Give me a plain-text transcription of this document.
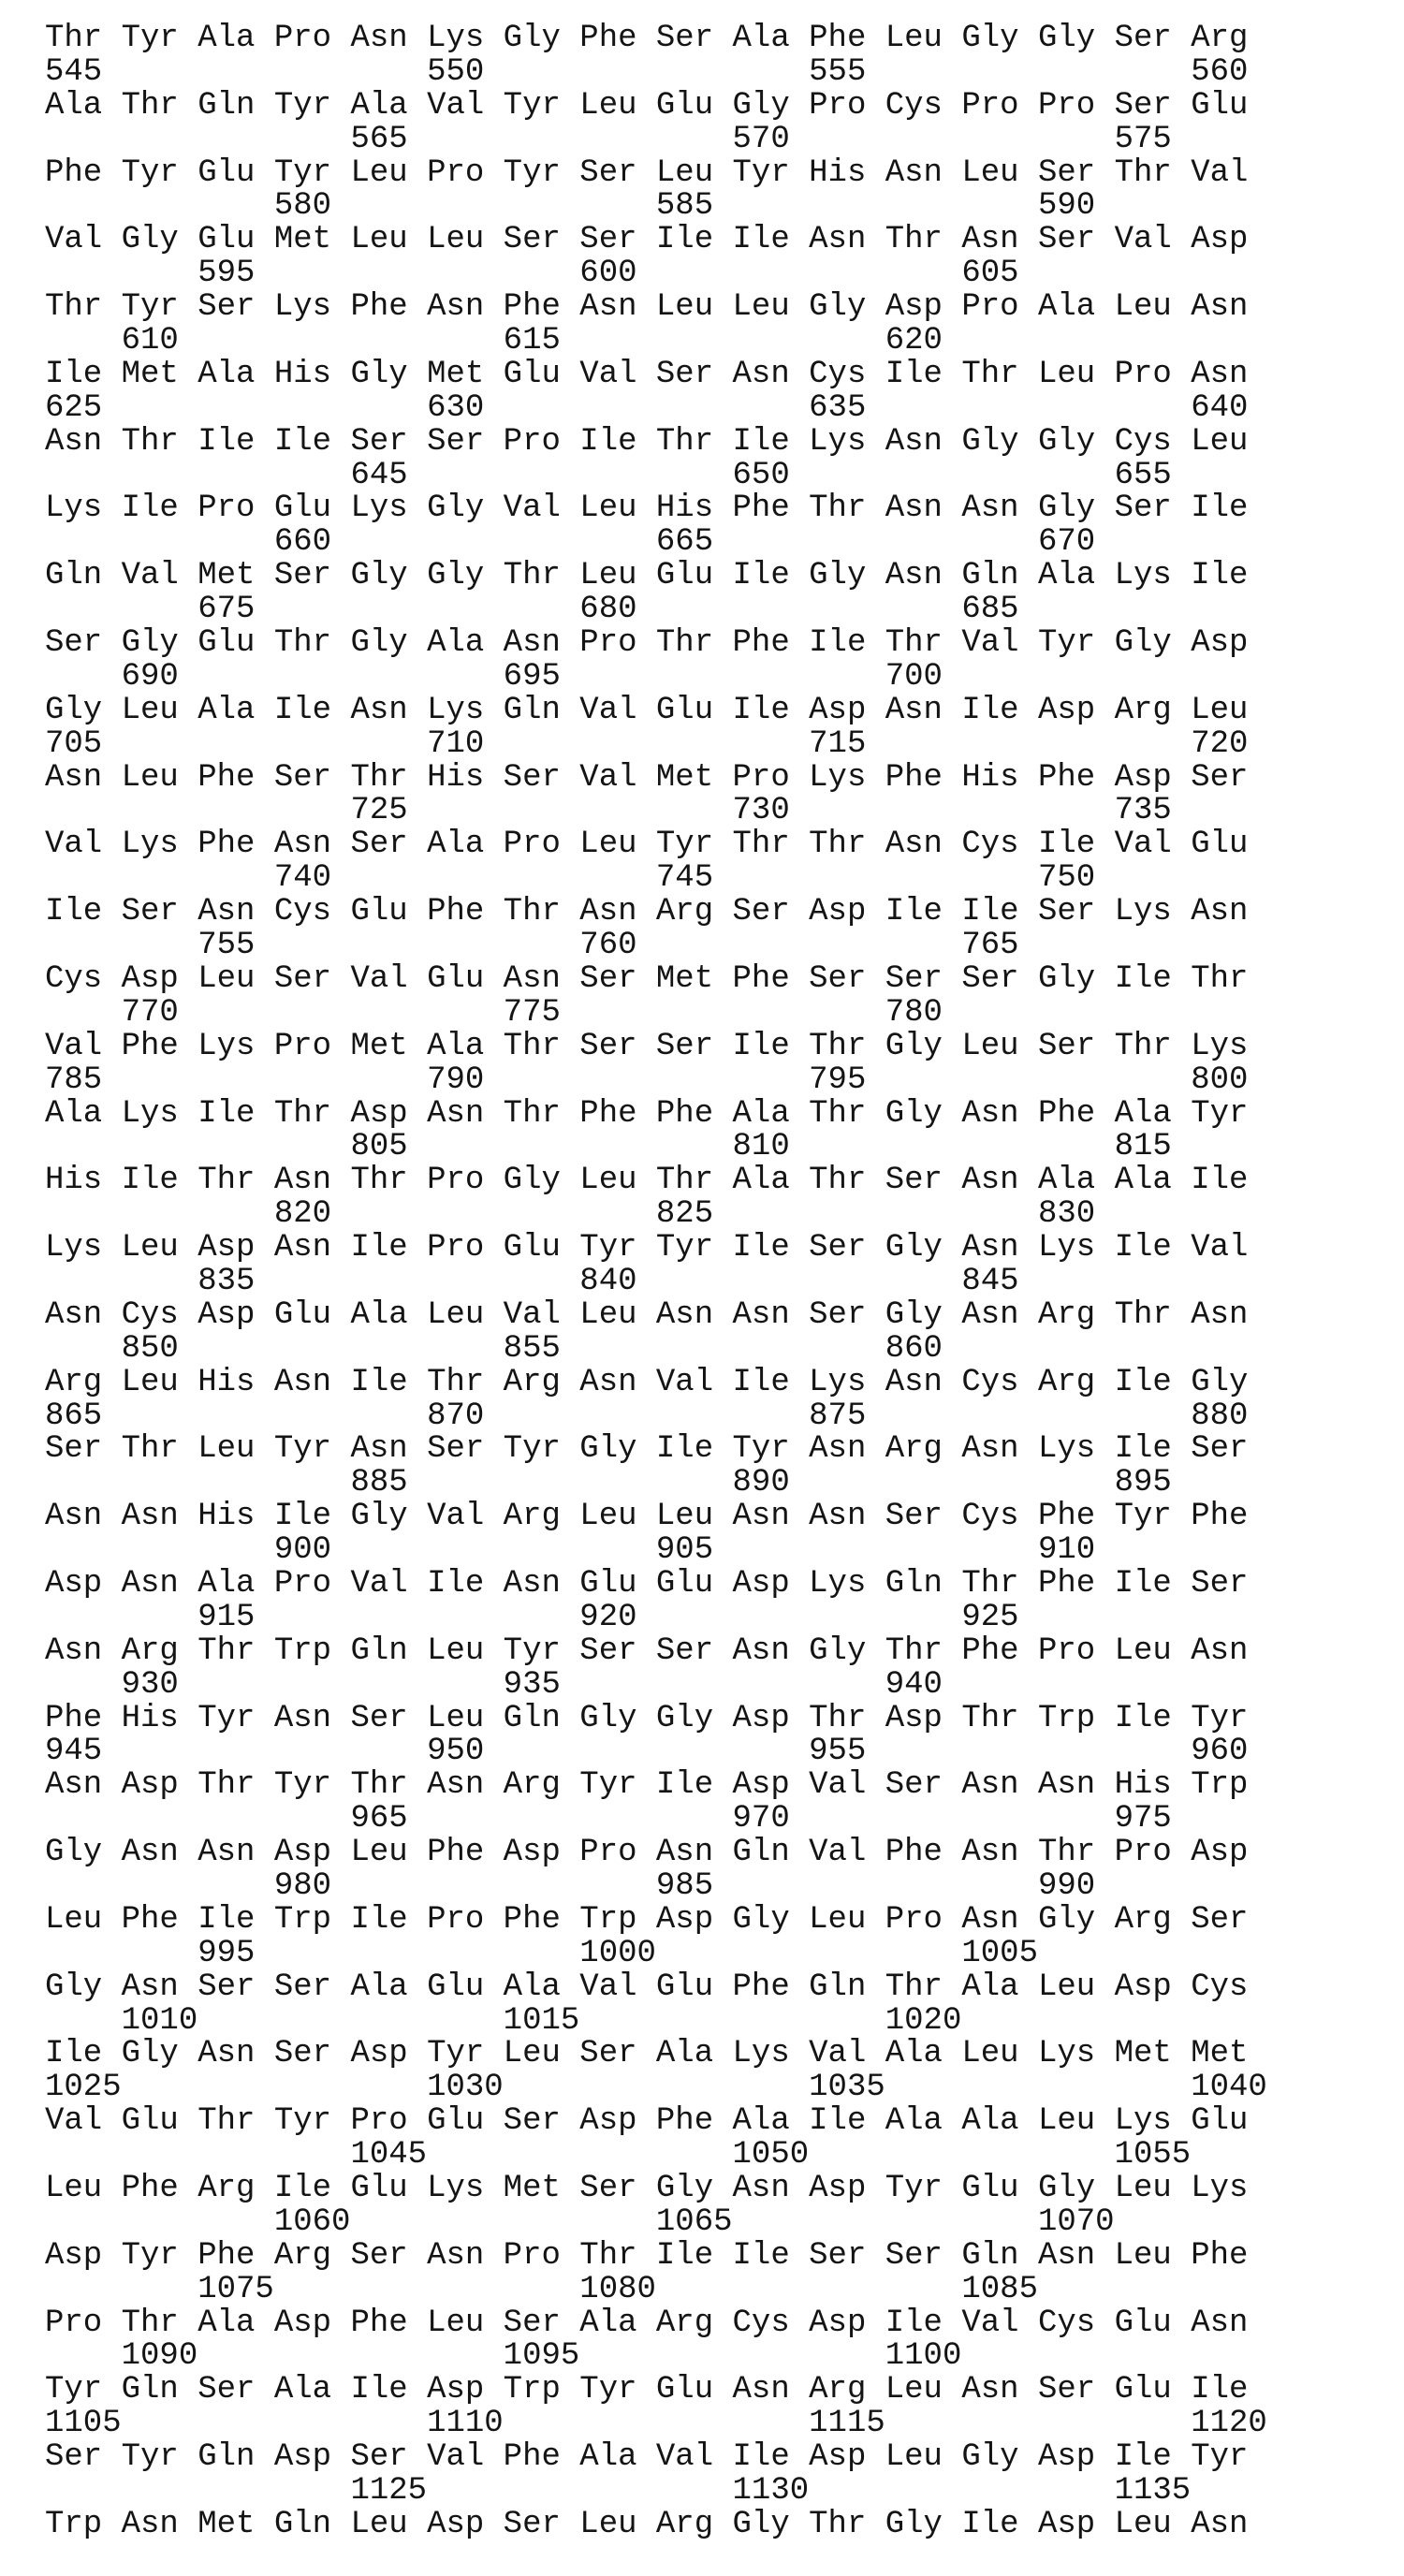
Thr Tyr Ala Pro Asn Lys Gly Phe Ser Ala Phe Leu Gly Gly Ser Arg
545                 550                 555                 560
Ala Thr Gln Tyr Ala Val Tyr Leu Glu Gly Pro Cys Pro Pro Ser Glu
565                 570                 575
Phe Tyr Glu Tyr Leu Pro Tyr Ser Leu Tyr His Asn Leu Ser Thr Val
580                 585                 590
Val Gly Glu Met Leu Leu Ser Ser Ile Ile Asn Thr Asn Ser Val Asp
595                 600                 605
Thr Tyr Ser Lys Phe Asn Phe Asn Leu Leu Gly Asp Pro Ala Leu Asn
610                 615                 620
Ile Met Ala His Gly Met Glu Val Ser Asn Cys Ile Thr Leu Pro Asn
625                 630                 635                 640
Asn Thr Ile Ile Ser Ser Pro Ile Thr Ile Lys Asn Gly Gly Cys Leu
645                 650                 655
Lys Ile Pro Glu Lys Gly Val Leu His Phe Thr Asn Asn Gly Ser Ile
660                 665                 670
Gln Val Met Ser Gly Gly Thr Leu Glu Ile Gly Asn Gln Ala Lys Ile
675                 680                 685
Ser Gly Glu Thr Gly Ala Asn Pro Thr Phe Ile Thr Val Tyr Gly Asp
690                 695                 700
Gly Leu Ala Ile Asn Lys Gln Val Glu Ile Asp Asn Ile Asp Arg Leu
705                 710                 715                 720
Asn Leu Phe Ser Thr His Ser Val Met Pro Lys Phe His Phe Asp Ser
725                 730                 735
Val Lys Phe Asn Ser Ala Pro Leu Tyr Thr Thr Asn Cys Ile Val Glu
740                 745                 750
Ile Ser Asn Cys Glu Phe Thr Asn Arg Ser Asp Ile Ile Ser Lys Asn
755                 760                 765
Cys Asp Leu Ser Val Glu Asn Ser Met Phe Ser Ser Ser Gly Ile Thr
770                 775                 780
Val Phe Lys Pro Met Ala Thr Ser Ser Ile Thr Gly Leu Ser Thr Lys
785                 790                 795                 800
Ala Lys Ile Thr Asp Asn Thr Phe Phe Ala Thr Gly Asn Phe Ala Tyr
805                 810                 815
His Ile Thr Asn Thr Pro Gly Leu Thr Ala Thr Ser Asn Ala Ala Ile
820                 825                 830
Lys Leu Asp Asn Ile Pro Glu Tyr Tyr Ile Ser Gly Asn Lys Ile Val
835                 840                 845
Asn Cys Asp Glu Ala Leu Val Leu Asn Asn Ser Gly Asn Arg Thr Asn
850                 855                 860
Arg Leu His Asn Ile Thr Arg Asn Val Ile Lys Asn Cys Arg Ile Gly
865                 870                 875                 880
Ser Thr Leu Tyr Asn Ser Tyr Gly Ile Tyr Asn Arg Asn Lys Ile Ser
885                 890                 895
Asn Asn His Ile Gly Val Arg Leu Leu Asn Asn Ser Cys Phe Tyr Phe
900                 905                 910
Asp Asn Ala Pro Val Ile Asn Glu Glu Asp Lys Gln Thr Phe Ile Ser
915                 920                 925
Asn Arg Thr Trp Gln Leu Tyr Ser Ser Asn Gly Thr Phe Pro Leu Asn
930                 935                 940
Phe His Tyr Asn Ser Leu Gln Gly Gly Asp Thr Asp Thr Trp Ile Tyr
945                 950                 955                 960
Asn Asp Thr Tyr Thr Asn Arg Tyr Ile Asp Val Ser Asn Asn His Trp
965                 970                 975
Gly Asn Asn Asp Leu Phe Asp Pro Asn Gln Val Phe Asn Thr Pro Asp
980                 985                 990
Leu Phe Ile Trp Ile Pro Phe Trp Asp Gly Leu Pro Asn Gly Arg Ser
995                 1000                1005
Gly Asn Ser Ser Ala Glu Ala Val Glu Phe Gln Thr Ala Leu Asp Cys
1010                1015                1020
Ile Gly Asn Ser Asp Tyr Leu Ser Ala Lys Val Ala Leu Lys Met Met
1025                1030                1035                1040
Val Glu Thr Tyr Pro Glu Ser Asp Phe Ala Ile Ala Ala Leu Lys Glu
1045                1050                1055
Leu Phe Arg Ile Glu Lys Met Ser Gly Asn Asp Tyr Glu Gly Leu Lys
1060                1065                1070
Asp Tyr Phe Arg Ser Asn Pro Thr Ile Ile Ser Ser Gln Asn Leu Phe
1075                1080                1085
Pro Thr Ala Asp Phe Leu Ser Ala Arg Cys Asp Ile Val Cys Glu Asn
1090                1095                1100
Tyr Gln Ser Ala Ile Asp Trp Tyr Glu Asn Arg Leu Asn Ser Glu Ile
1105                1110                1115                1120
Ser Tyr Gln Asp Ser Val Phe Ala Val Ile Asp Leu Gly Asp Ile Tyr
1125                1130                1135
Trp Asn Met Gln Leu Asp Ser Leu Arg Gly Thr Gly Ile Asp Leu Asn
